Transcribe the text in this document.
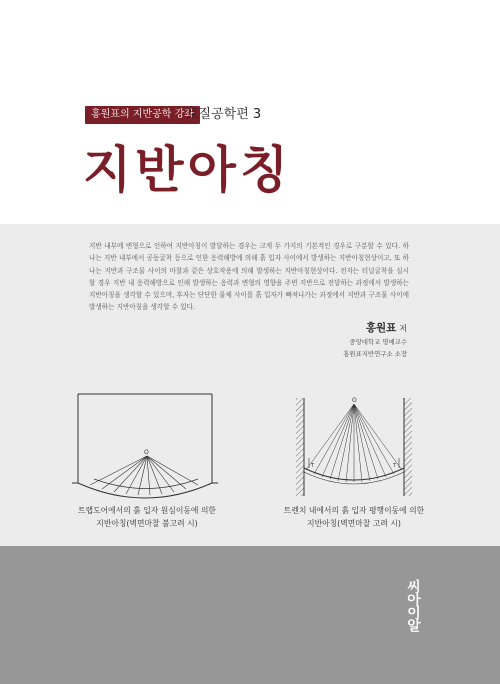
홍원표의 지반공학 강좌
토질공학편 3
지반아칭

지반 내부에 변형으로 인하여 지반아칭이 발달하는 경우는 크게 두 가지의 기본적인 경우로 구분할 수 있다. 하나는 지반 내부에서 공동굴착 등으로 인한 응력해방에 의해 흙 입자 사이에서 발생하는 지반아칭현상이고, 또 하나는 지반과 구조물 사이의 마찰과 같은 상호작용에 의해 발생하는 지반아칭현상이다. 전자는 터널굴착을 실시할 경우 지반 내 응력해방으로 인해 발생하는 응력과 변형의 영향을 주변 지반으로 전달하는 과정에서 발생하는 지반아칭을 생각할 수 있으며, 후자는 단단한 물체 사이를 흙 입자가 빠져나가는 과정에서 지반과 구조물 사이에 발생하는 지반아칭을 생각할 수 있다.

홍원표 저
중앙대학교 명예교수
홍원표지반연구소 소장
O
트랩도어에서의 흙 입자 원심이동에 의한
지반아칭(벽면마찰 불고려 시)
O
T	T
트렌치 내에서의 흙 입자 평행이동에 의한
지반아칭(벽면마찰 고려 시)
씨아이알
